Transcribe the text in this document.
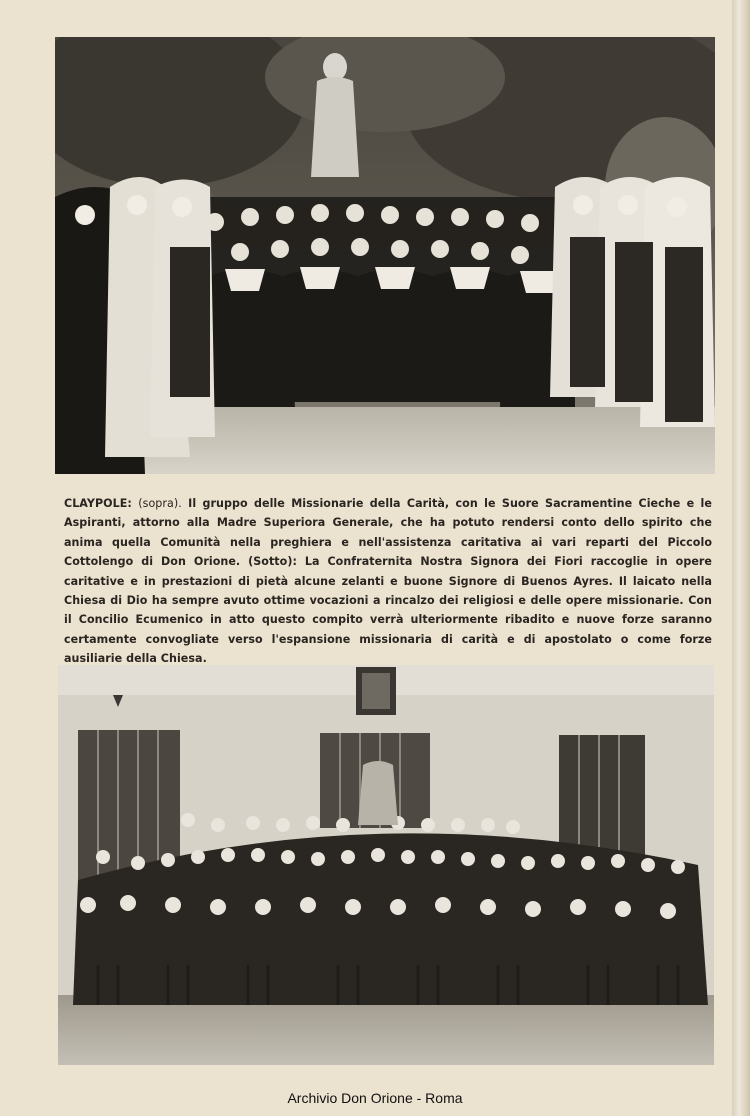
CLAYPOLE: (sopra). Il gruppo delle Missionarie della Carità, con le Suore Sacramentine Cieche e le Aspiranti, attorno alla Madre Superiora Generale, che ha potuto rendersi conto dello spirito che anima quella Comunità nella preghiera e nell'assistenza caritativa ai vari reparti del Piccolo Cottolengo di Don Orione. (Sotto): La Confraternita Nostra Signora dei Fiori raccoglie in opere caritative e in prestazioni di pietà alcune zelanti e buone Signore di Buenos Ayres. Il laicato nella Chiesa di Dio ha sempre avuto ottime vocazioni a rincalzo dei religiosi e delle opere missionarie. Con il Concilio Ecumenico in atto questo compito verrà ulteriormente ribadito e nuove forze saranno certamente convogliate verso l'espansione missionaria di carità e di apostolato o come forze ausiliarie della Chiesa.
Archivio Don Orione - Roma
